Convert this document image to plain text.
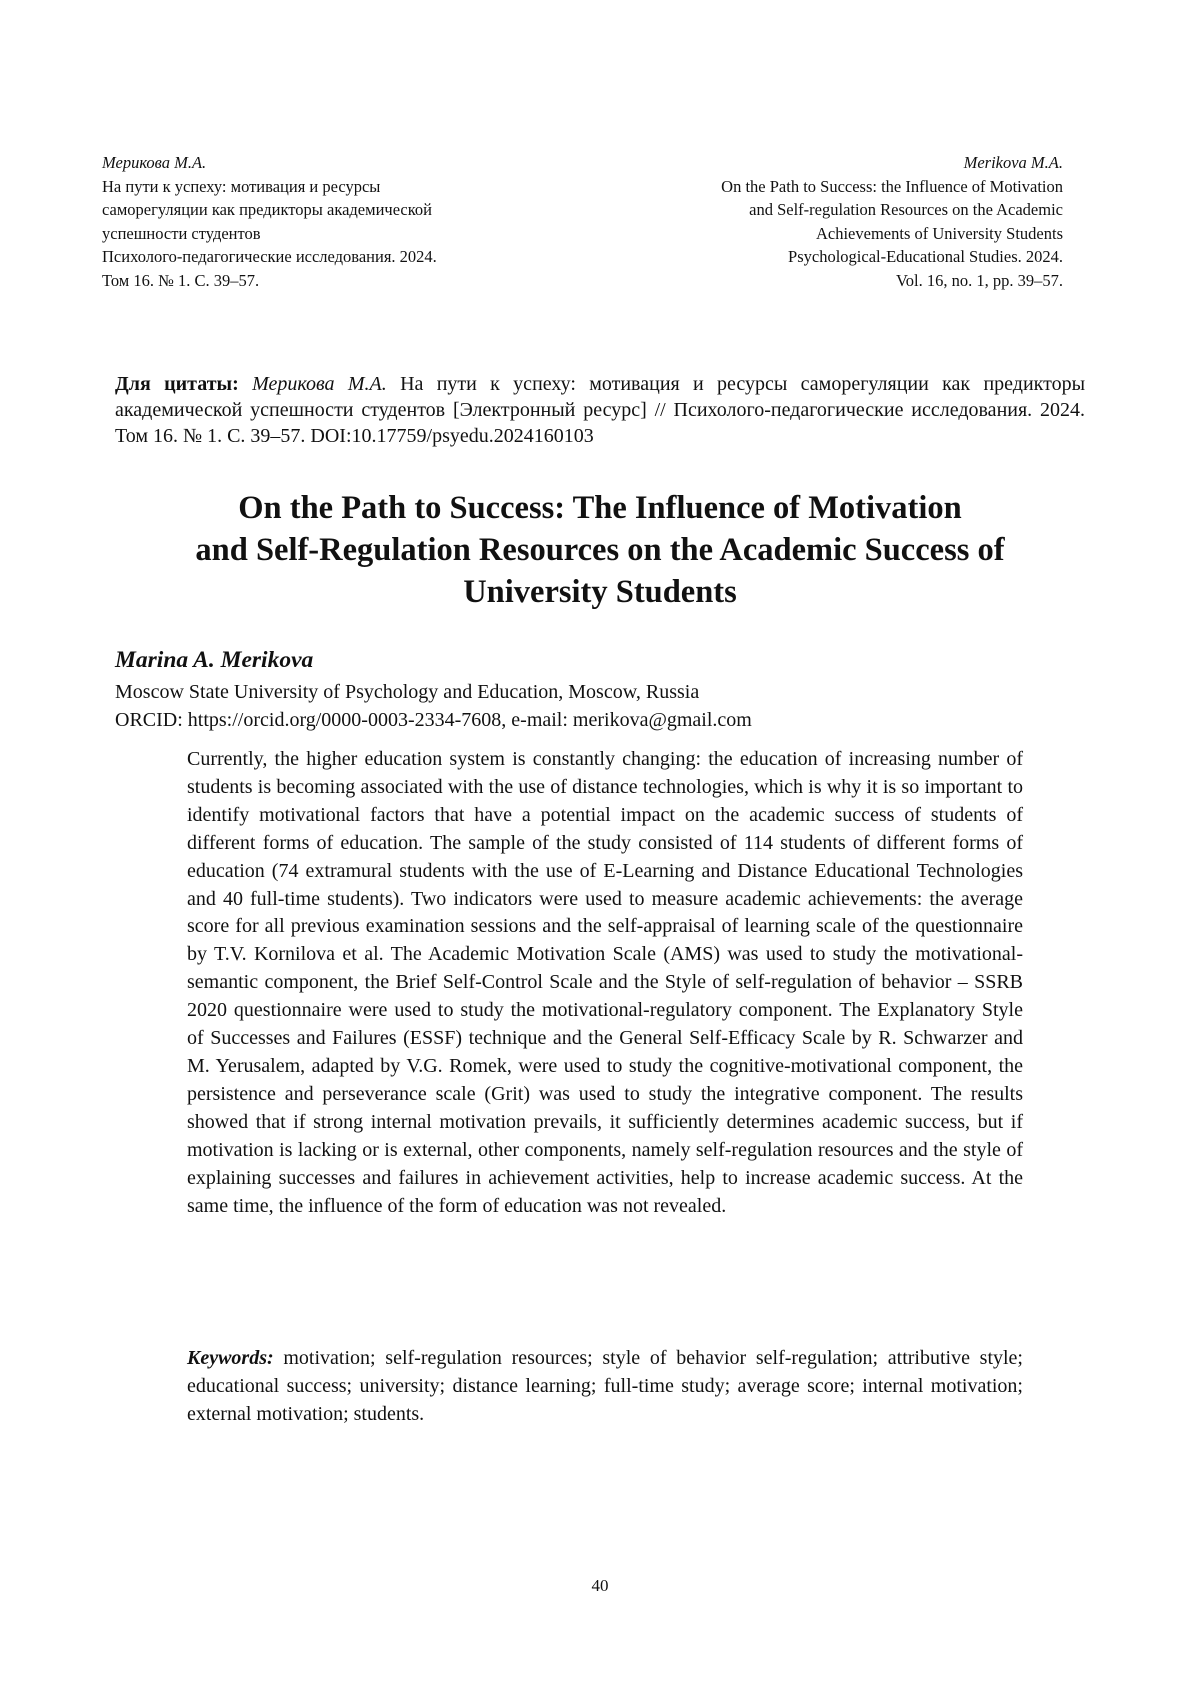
Мерикова М.А.
На пути к успеху: мотивация и ресурсы
саморегуляции как предикторы академической
успешности студентов
Психолого-педагогические исследования. 2024.
Том 16. № 1. С. 39–57.
Merikova M.A.
On the Path to Success: the Influence of Motivation
and Self-regulation Resources on the Academic
Achievements of University Students
Psychological-Educational Studies. 2024.
Vol. 16, no. 1, pp. 39–57.

Для цитаты: Мерикова М.А. На пути к успеху: мотивация и ресурсы саморегуляции как предикторы академической успешности студентов [Электронный ресурс] // Психолого-педагогические исследования. 2024. Том 16. № 1. С. 39–57. DOI:10.17759/psyedu.2024160103

On the Path to Success: The Influence of Motivation
and Self-Regulation Resources on the Academic Success of
University Students
Marina A. Merikova
Moscow State University of Psychology and Education, Moscow, Russia
ORCID: https://orcid.org/0000-0003-2334-7608, e-mail: merikova@gmail.com

Currently, the higher education system is constantly changing: the education of increasing number of students is becoming associated with the use of distance technologies, which is why it is so important to identify motivational factors that have a potential impact on the academic success of students of different forms of education. The sample of the study consisted of 114 students of different forms of education (74 extramural students with the use of E-Learning and Distance Educational Technologies and 40 full-time students). Two indicators were used to measure academic achievements: the average score for all previous examination sessions and the self-appraisal of learning scale of the questionnaire by T.V. Kornilova et al. The Academic Motivation Scale (AMS) was used to study the motivational-semantic component, the Brief Self-Control Scale and the Style of self-regulation of behavior – SSRB 2020 questionnaire were used to study the motivational-regulatory component. The Explanatory Style of Successes and Failures (ESSF) technique and the General Self-Efficacy Scale by R. Schwarzer and M. Yerusalem, adapted by V.G. Romek, were used to study the cognitive-motivational component, the persistence and perseverance scale (Grit) was used to study the integrative component. The results showed that if strong internal motivation prevails, it sufficiently determines academic success, but if motivation is lacking or is external, other components, namely self-regulation resources and the style of explaining successes and failures in achievement activities, help to increase academic success. At the same time, the influence of the form of education was not revealed.

Keywords: motivation; self-regulation resources; style of behavior self-regulation; attributive style; educational success; university; distance learning; full-time study; average score; internal motivation; external motivation; students.

40
